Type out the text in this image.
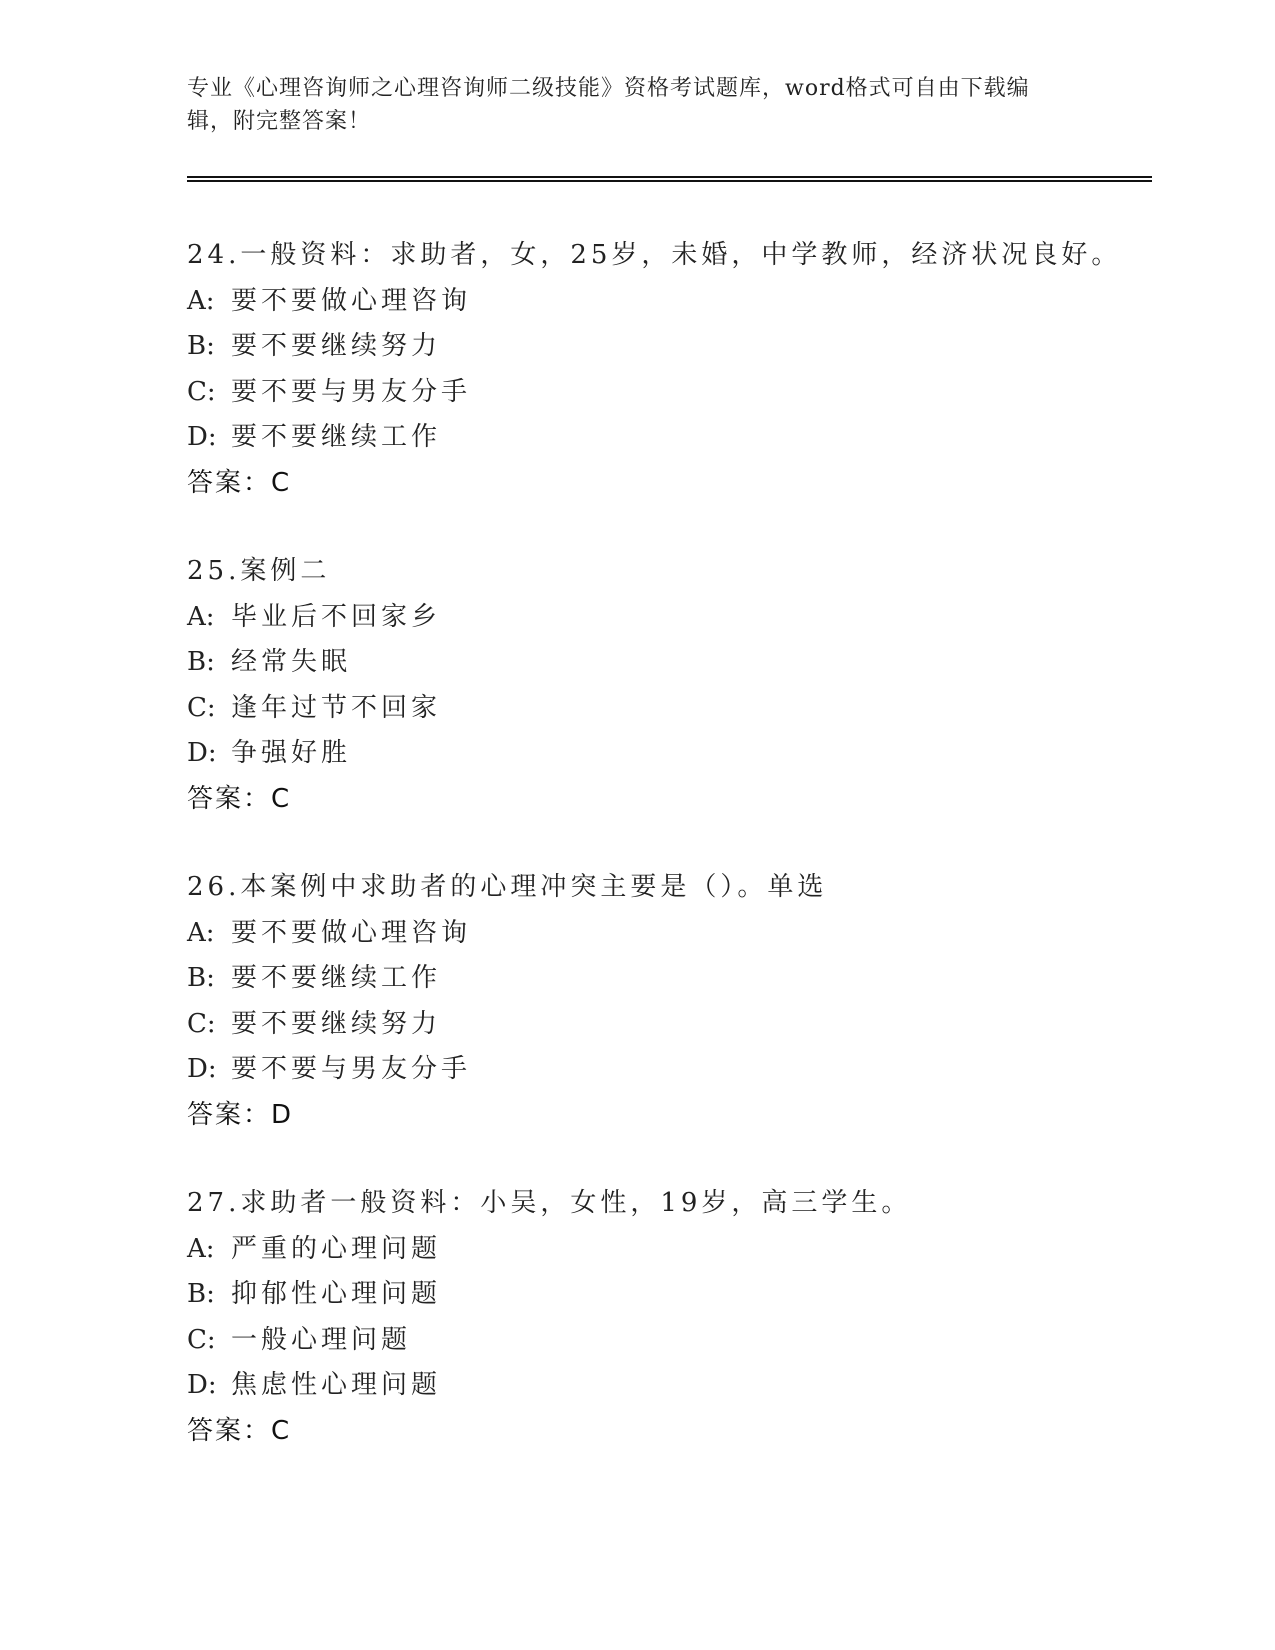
专业《心理咨询师之心理咨询师二级技能》资格考试题库，word格式可自由下载编辑，附完整答案！
24.一般资料：求助者，女，25岁，未婚，中学教师，经济状况良好。
A: 要不要做心理咨询
B: 要不要继续努力
C: 要不要与男友分手
D: 要不要继续工作
答案：C
25.案例二
A: 毕业后不回家乡
B: 经常失眠
C: 逢年过节不回家
D: 争强好胜
答案：C
26.本案例中求助者的心理冲突主要是（）。单选
A: 要不要做心理咨询
B: 要不要继续工作
C: 要不要继续努力
D: 要不要与男友分手
答案：D
27.求助者一般资料：小吴，女性，19岁，高三学生。
A: 严重的心理问题
B: 抑郁性心理问题
C: 一般心理问题
D: 焦虑性心理问题
答案：C
